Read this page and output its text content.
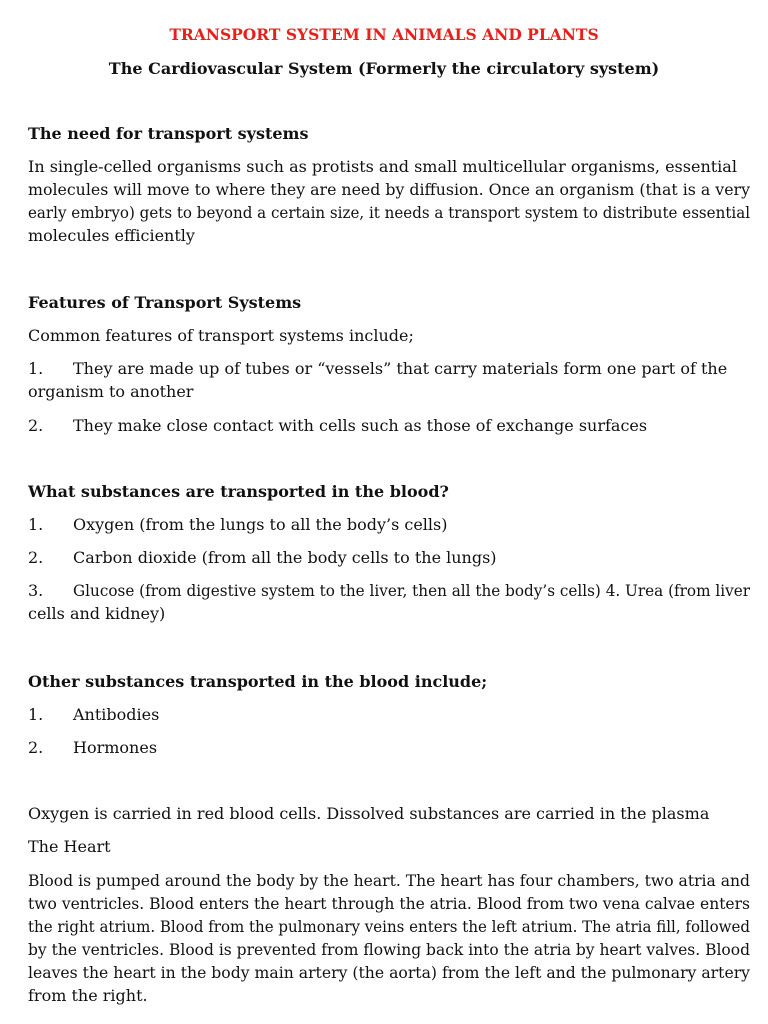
TRANSPORT SYSTEM IN ANIMALS AND PLANTS
The Cardiovascular System (Formerly the circulatory system)
The need for transport systems
In single-celled organisms such as protists and small multicellular organisms, essential
molecules will move to where they are need by diffusion. Once an organism (that is a very
early embryo) gets to beyond a certain size, it needs a transport system to distribute essential
molecules efficiently
Features of Transport Systems
Common features of transport systems include;
1. They are made up of tubes or “vessels” that carry materials form one part of the
organism to another
2. They make close contact with cells such as those of exchange surfaces
What substances are transported in the blood?
1. Oxygen (from the lungs to all the body’s cells)
2. Carbon dioxide (from all the body cells to the lungs)
3. Glucose (from digestive system to the liver, then all the body’s cells) 4. Urea (from liver
cells and kidney)
Other substances transported in the blood include;
1. Antibodies
2. Hormones
Oxygen is carried in red blood cells. Dissolved substances are carried in the plasma
The Heart
Blood is pumped around the body by the heart. The heart has four chambers, two atria and
two ventricles. Blood enters the heart through the atria. Blood from two vena calvae enters
the right atrium. Blood from the pulmonary veins enters the left atrium. The atria fill, followed
by the ventricles. Blood is prevented from flowing back into the atria by heart valves. Blood
leaves the heart in the body main artery (the aorta) from the left and the pulmonary artery
from the right.
